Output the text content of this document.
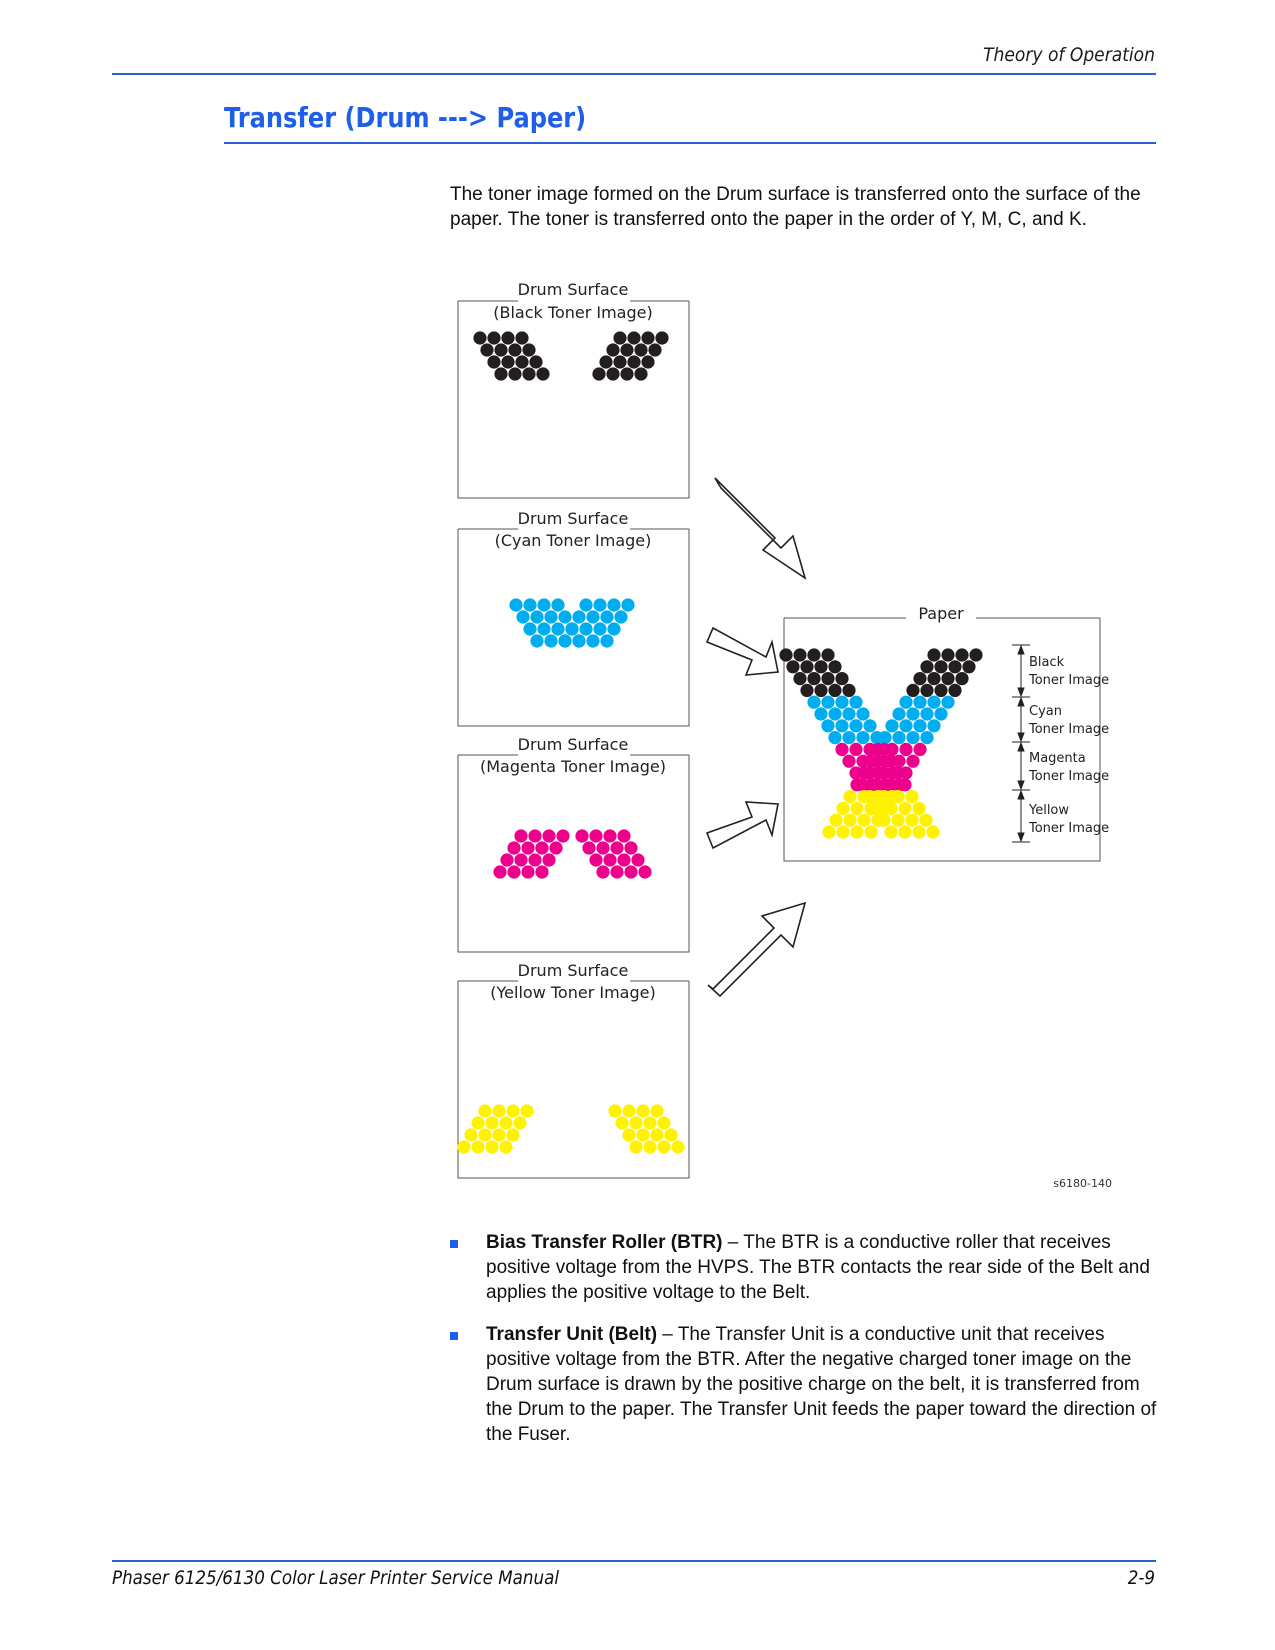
Theory of Operation
Transfer (Drum ---> Paper)

The toner image formed on the Drum surface is transferred onto the surface of the paper. The toner is transferred onto the paper in the order of Y, M, C, and K.

Drum Surface
(Black Toner Image)
Drum Surface
(Cyan Toner Image)
Drum Surface
(Magenta Toner Image)
Drum Surface
(Yellow Toner Image)
Paper
Black
Toner Image
Cyan
Toner Image
Magenta
Toner Image
Yellow
Toner Image
s6180-140
Bias Transfer Roller (BTR) – The BTR is a conductive roller that receives positive voltage from the HVPS. The BTR contacts the rear side of the Belt and applies the positive voltage to the Belt.
Transfer Unit (Belt) – The Transfer Unit is a conductive unit that receives positive voltage from the BTR. After the negative charged toner image on the Drum surface is drawn by the positive charge on the belt, it is transferred from the Drum to the paper. The Transfer Unit feeds the paper toward the direction of the Fuser.
Phaser 6125/6130 Color Laser Printer Service Manual	2-9
